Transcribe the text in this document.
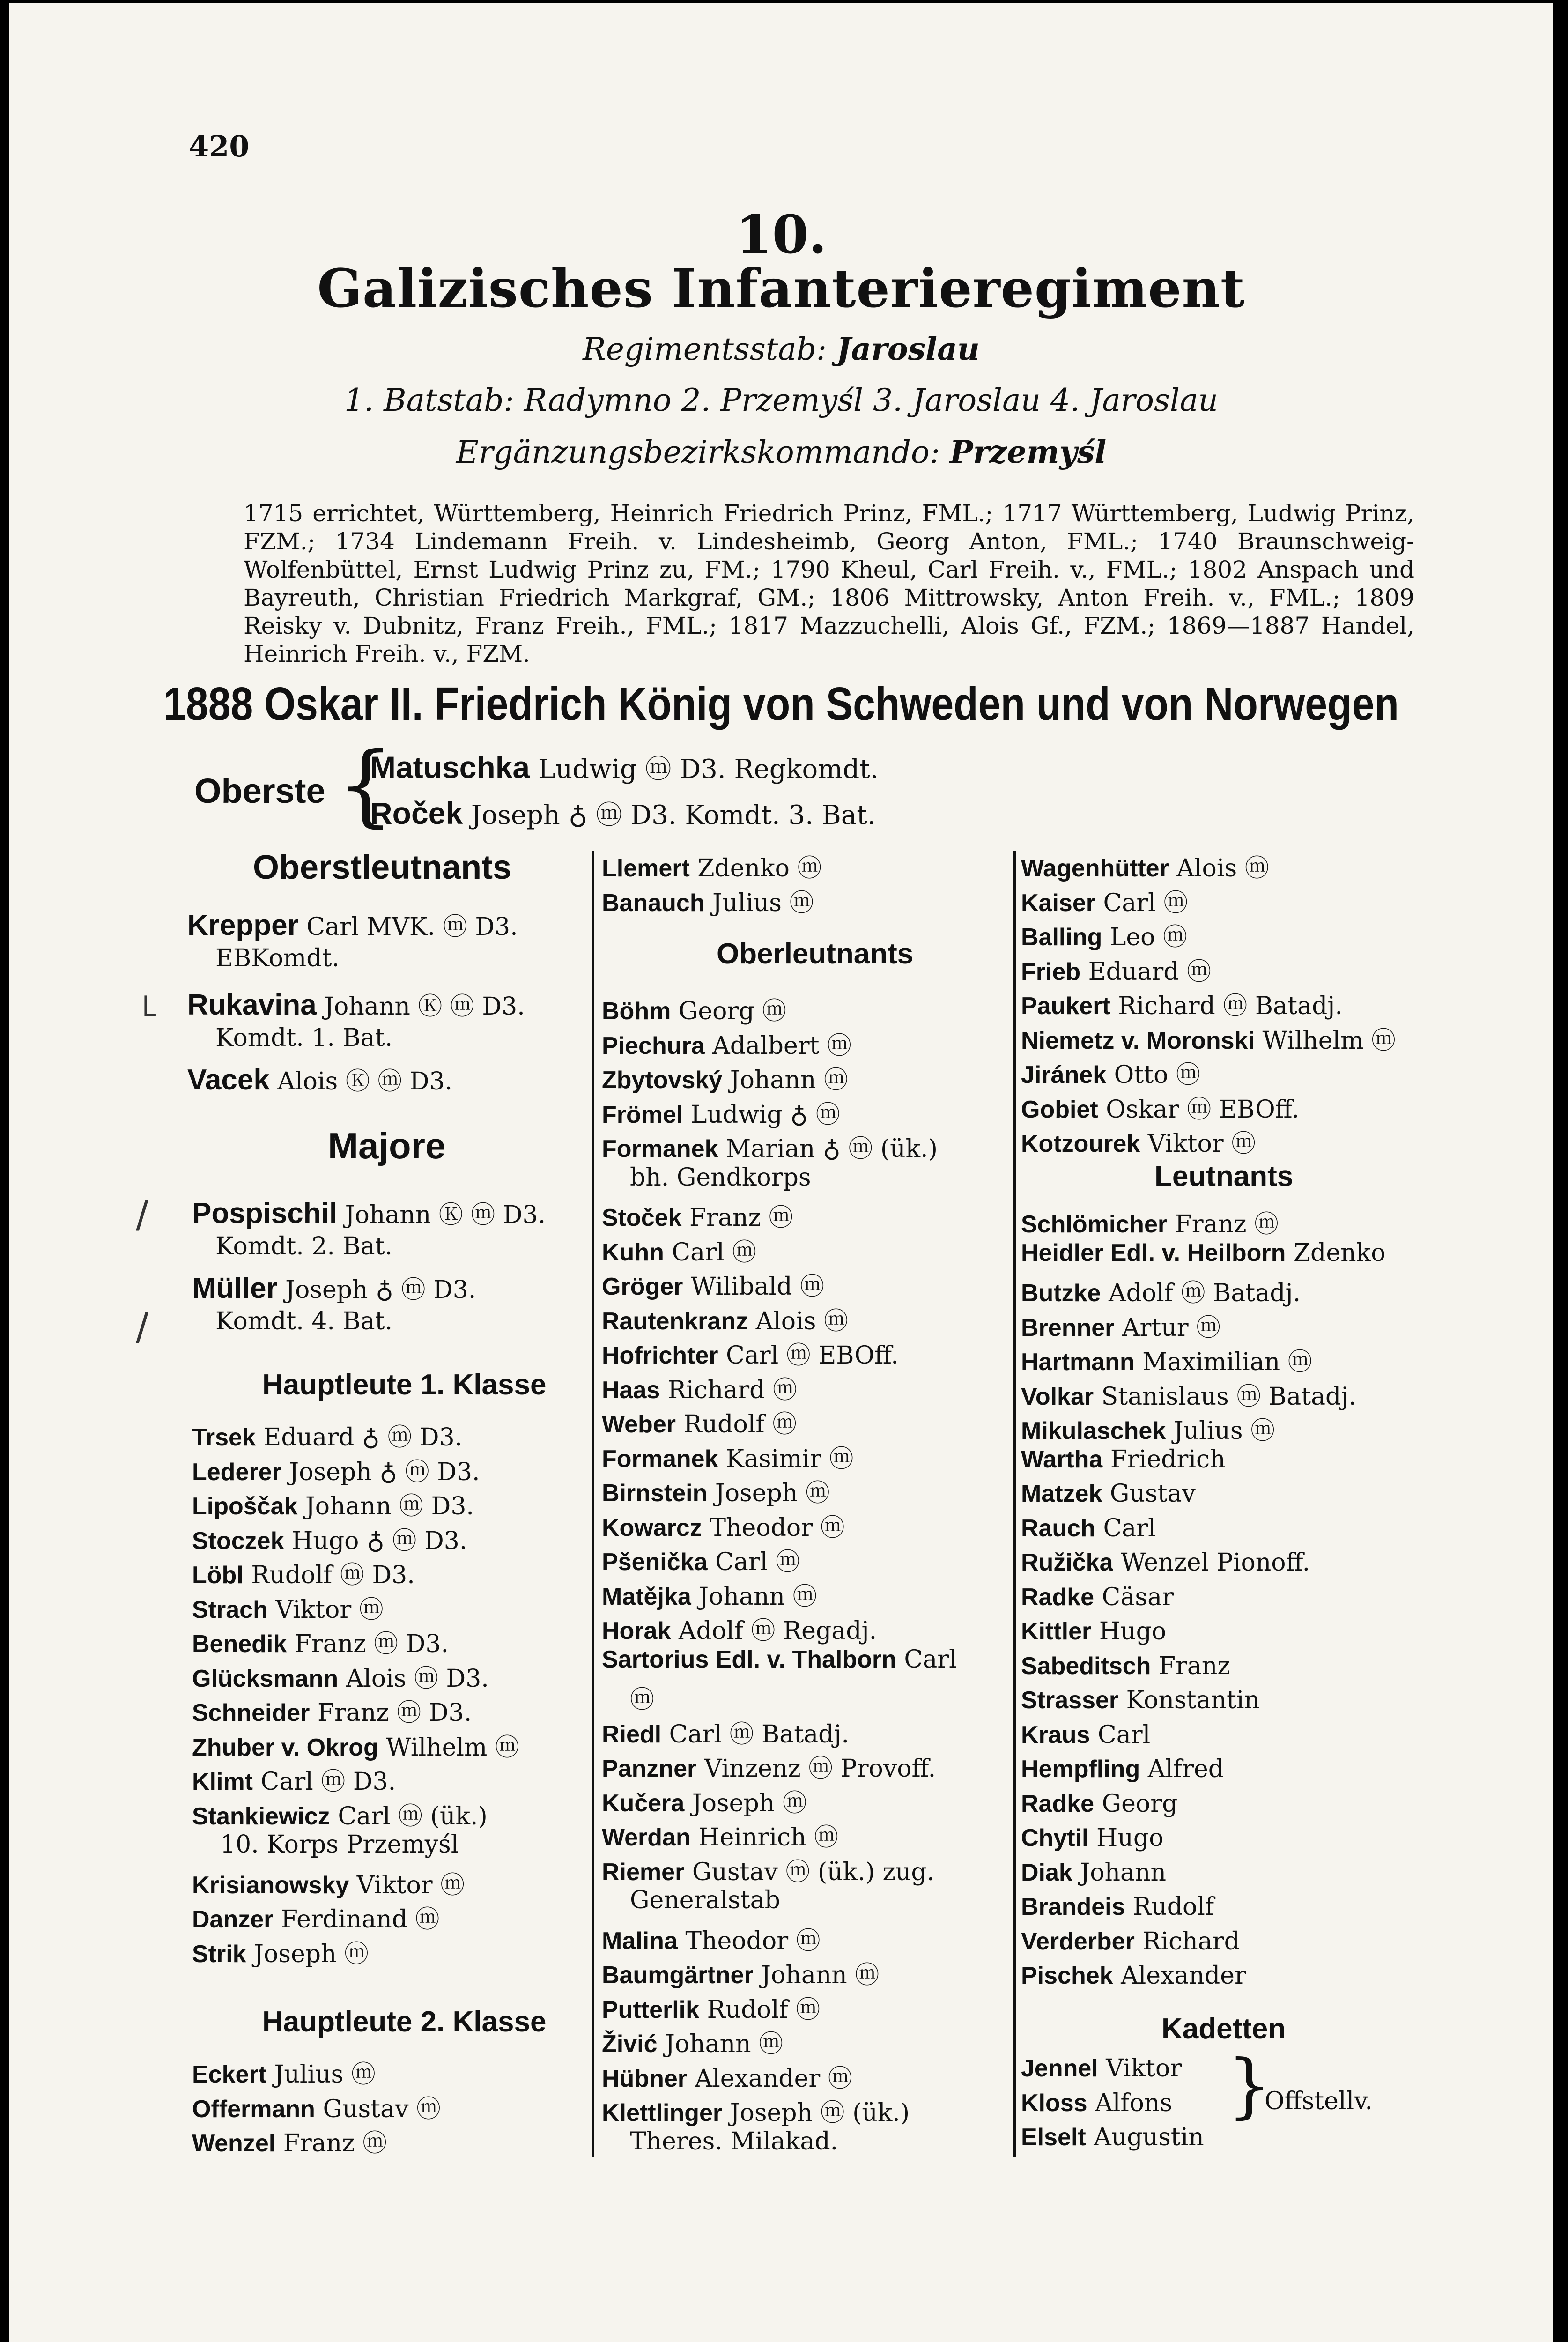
420
10.
Galizisches Infanterieregiment
Regimentsstab: Jaroslau
1. Batstab: Radymno 2. Przemyśl 3. Jaroslau 4. Jaroslau
Ergänzungsbezirkskommando: Przemyśl

1715 errichtet, Württemberg, Heinrich Friedrich Prinz, FML.; 1717 Württemberg, Ludwig Prinz, FZM.; 1734 Lindemann Freih. v. Lindesheimb, Georg Anton, FML.; 1740 Braunschweig-Wolfenbüttel, Ernst Ludwig Prinz zu, FM.; 1790 Kheul, Carl Freih. v., FML.; 1802 Anspach und Bayreuth, Christian Friedrich Markgraf, GM.; 1806 Mittrowsky, Anton Freih. v., FML.; 1809 Reisky v. Dubnitz, Franz Freih., FML.; 1817 Mazzuchelli, Alois Gf., FZM.; 1869—1887 Handel, Heinrich Freih. v., FZM.

1888 Oskar II. Friedrich König von Schweden und von Norwegen
Oberste {
Matuschka Ludwig ⓜ D3. Regkomdt.
Roček Joseph ♁ ⓜ D3. Komdt. 3. Bat.
Oberstleutnants
Krepper Carl MVK. ⓜ D3.
EBKomdt.
Rukavina Johann Ⓚ ⓜ D3.
Komdt. 1. Bat.
Vacek Alois Ⓚ ⓜ D3.
Majore
Pospischil Johann Ⓚ ⓜ D3.
Komdt. 2. Bat.
Müller Joseph ♁ ⓜ D3.
Komdt. 4. Bat.
Hauptleute 1. Klasse
Trsek Eduard ♁ ⓜ D3.
Lederer Joseph ♁ ⓜ D3.
Lipoščak Johann ⓜ D3.
Stoczek Hugo ♁ ⓜ D3.
Löbl Rudolf ⓜ D3.
Strach Viktor ⓜ
Benedik Franz ⓜ D3.
Glücksmann Alois ⓜ D3.
Schneider Franz ⓜ D3.
Zhuber v. Okrog Wilhelm ⓜ
Klimt Carl ⓜ D3.
Stankiewicz Carl ⓜ (ük.)
10. Korps Przemyśl
Krisianowsky Viktor ⓜ
Danzer Ferdinand ⓜ
Strik Joseph ⓜ
Hauptleute 2. Klasse
Eckert Julius ⓜ
Offermann Gustav ⓜ
Wenzel Franz ⓜ
Llemert Zdenko ⓜ
Banauch Julius ⓜ
Oberleutnants
Böhm Georg ⓜ
Piechura Adalbert ⓜ
Zbytovský Johann ⓜ
Frömel Ludwig ♁ ⓜ
Formanek Marian ♁ ⓜ (ük.)
bh. Gendkorps
Stoček Franz ⓜ
Kuhn Carl ⓜ
Gröger Wilibald ⓜ
Rautenkranz Alois ⓜ
Hofrichter Carl ⓜ EBOff.
Haas Richard ⓜ
Weber Rudolf ⓜ
Formanek Kasimir ⓜ
Birnstein Joseph ⓜ
Kowarcz Theodor ⓜ
Pšenička Carl ⓜ
Matějka Johann ⓜ
Horak Adolf ⓜ Regadj.
Sartorius Edl. v. Thalborn Carl
ⓜ
Riedl Carl ⓜ Batadj.
Panzner Vinzenz ⓜ Provoff.
Kučera Joseph ⓜ
Werdan Heinrich ⓜ
Riemer Gustav ⓜ (ük.) zug.
Generalstab
Malina Theodor ⓜ
Baumgärtner Johann ⓜ
Putterlik Rudolf ⓜ
Živić Johann ⓜ
Hübner Alexander ⓜ
Klettlinger Joseph ⓜ (ük.)
Theres. Milakad.
Wagenhütter Alois ⓜ
Kaiser Carl ⓜ
Balling Leo ⓜ
Frieb Eduard ⓜ
Paukert Richard ⓜ Batadj.
Niemetz v. Moronski Wilhelm ⓜ
Jiránek Otto ⓜ
Gobiet Oskar ⓜ EBOff.
Kotzourek Viktor ⓜ
Leutnants
Schlömicher Franz ⓜ
Heidler Edl. v. Heilborn Zdenko
Butzke Adolf ⓜ Batadj.
Brenner Artur ⓜ
Hartmann Maximilian ⓜ
Volkar Stanislaus ⓜ Batadj.
Mikulaschek Julius ⓜ
Wartha Friedrich
Matzek Gustav
Rauch Carl
Ružička Wenzel Pionoff.
Radke Cäsar
Kittler Hugo
Sabeditsch Franz
Strasser Konstantin
Kraus Carl
Hempfling Alfred
Radke Georg
Chytil Hugo
Diak Johann
Brandeis Rudolf
Verderber Richard
Pischek Alexander
Kadetten
Jennel Viktor
Kloss Alfons
Elselt Augustin
}
Offstellv.
└
/
/
